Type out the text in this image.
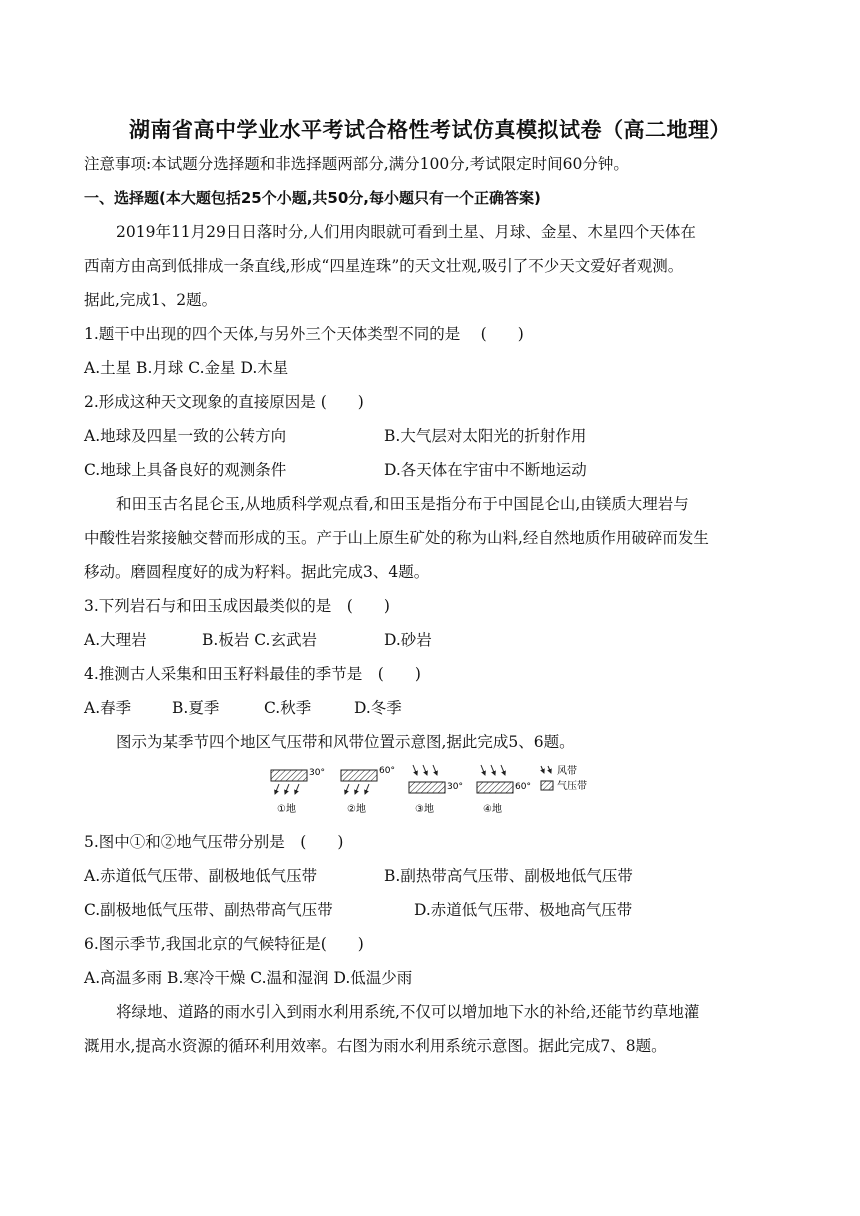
湖南省高中学业水平考试合格性考试仿真模拟试卷（高二地理）
注意事项:本试题分选择题和非选择题两部分,满分100分,考试限定时间60分钟。
一、选择题(本大题包括25个小题,共50分,每小题只有一个正确答案)
2019年11月29日日落时分,人们用肉眼就可看到土星、月球、金星、木星四个天体在
西南方由高到低排成一条直线,形成“四星连珠”的天文壮观,吸引了不少天文爱好者观测。
据此,完成1、2题。
1.题干中出现的四个天体,与另外三个天体类型不同的是　 (　　)
A.土星 B.月球 C.金星 D.木星
2.形成这种天文现象的直接原因是 (　　)
A.地球及四星一致的公转方向	B.大气层对太阳光的折射作用
C.地球上具备良好的观测条件	D.各天体在宇宙中不断地运动
和田玉古名昆仑玉,从地质科学观点看,和田玉是指分布于中国昆仑山,由镁质大理岩与
中酸性岩浆接触交替而形成的玉。产于山上原生矿处的称为山料,经自然地质作用破碎而发生
移动。磨圆程度好的成为籽料。据此完成3、4题。
3.下列岩石与和田玉成因最类似的是　(　　)
A.大理岩	B.板岩 C.玄武岩	D.砂岩
4.推测古人采集和田玉籽料最佳的季节是　(　　)
A.春季	B.夏季	C.秋季	D.冬季
图示为某季节四个地区气压带和风带位置示意图,据此完成5、6题。
30°
①地
60°
②地
30°
③地
60°
④地
风带
气压带
5.图中①和②地气压带分别是　(　　)
A.赤道低气压带、副极地低气压带	B.副热带高气压带、副极地低气压带
C.副极地低气压带、副热带高气压带	D.赤道低气压带、极地高气压带
6.图示季节,我国北京的气候特征是(　　)
A.高温多雨 B.寒冷干燥 C.温和湿润 D.低温少雨
将绿地、道路的雨水引入到雨水利用系统,不仅可以增加地下水的补给,还能节约草地灌
溉用水,提高水资源的循环利用效率。右图为雨水利用系统示意图。据此完成7、8题。
